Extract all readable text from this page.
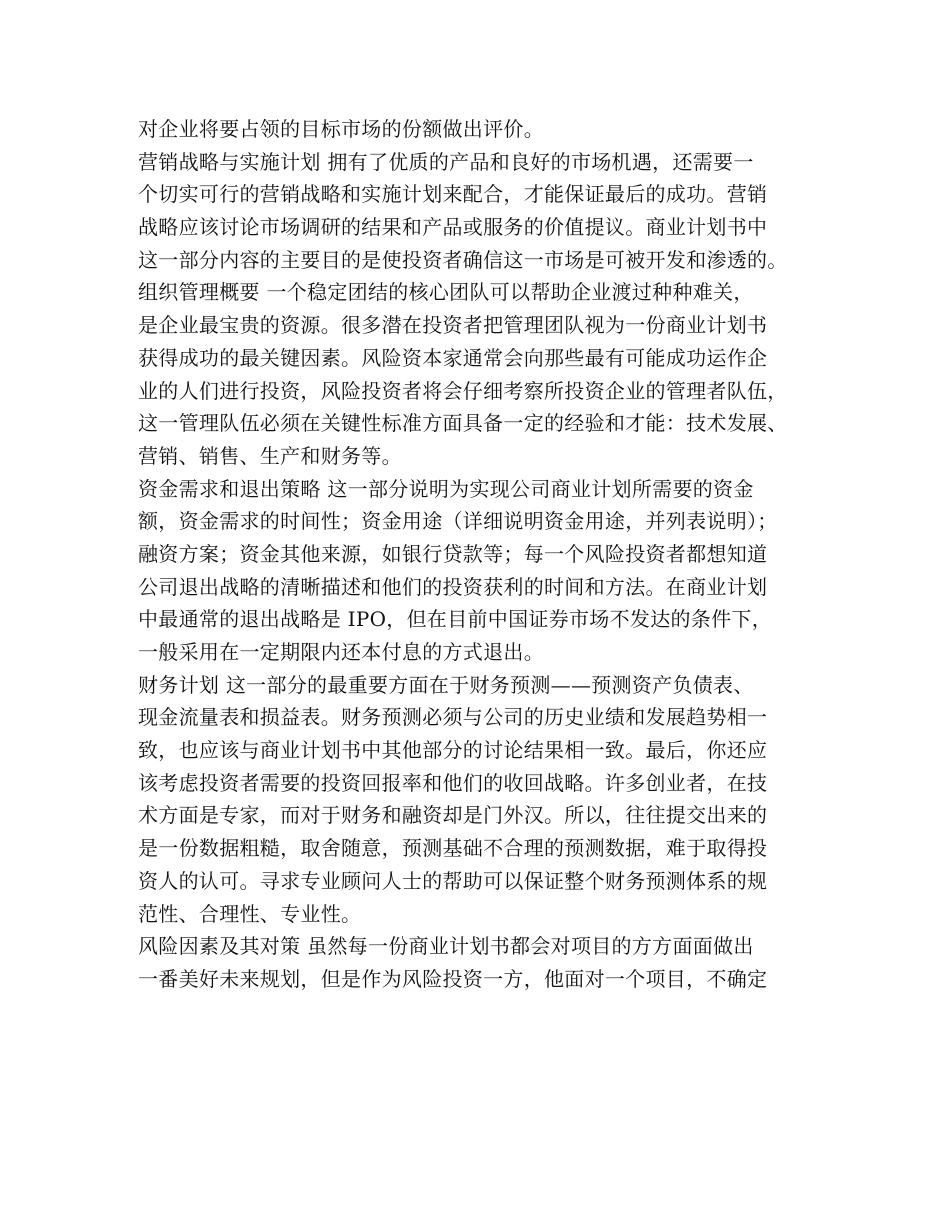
对企业将要占领的目标市场的份额做出评价。
营销战略与实施计划 拥有了优质的产品和良好的市场机遇，还需要一
个切实可行的营销战略和实施计划来配合，才能保证最后的成功。营销
战略应该讨论市场调研的结果和产品或服务的价值提议。商业计划书中
这一部分内容的主要目的是使投资者确信这一市场是可被开发和渗透的。
组织管理概要 一个稳定团结的核心团队可以帮助企业渡过种种难关，
是企业最宝贵的资源。很多潜在投资者把管理团队视为一份商业计划书
获得成功的最关键因素。风险资本家通常会向那些最有可能成功运作企
业的人们进行投资，风险投资者将会仔细考察所投资企业的管理者队伍，
这一管理队伍必须在关键性标准方面具备一定的经验和才能：技术发展、
营销、销售、生产和财务等。
资金需求和退出策略 这一部分说明为实现公司商业计划所需要的资金
额，资金需求的时间性；资金用途（详细说明资金用途，并列表说明）；
融资方案；资金其他来源，如银行贷款等；每一个风险投资者都想知道
公司退出战略的清晰描述和他们的投资获利的时间和方法。在商业计划
中最通常的退出战略是 IPO，但在目前中国证券市场不发达的条件下，
一般采用在一定期限内还本付息的方式退出。
财务计划 这一部分的最重要方面在于财务预测——预测资产负债表、
现金流量表和损益表。财务预测必须与公司的历史业绩和发展趋势相一
致，也应该与商业计划书中其他部分的讨论结果相一致。最后，你还应
该考虑投资者需要的投资回报率和他们的收回战略。许多创业者，在技
术方面是专家，而对于财务和融资却是门外汉。所以，往往提交出来的
是一份数据粗糙，取舍随意，预测基础不合理的预测数据，难于取得投
资人的认可。寻求专业顾问人士的帮助可以保证整个财务预测体系的规
范性、合理性、专业性。
风险因素及其对策 虽然每一份商业计划书都会对项目的方方面面做出
一番美好未来规划，但是作为风险投资一方，他面对一个项目，不确定
